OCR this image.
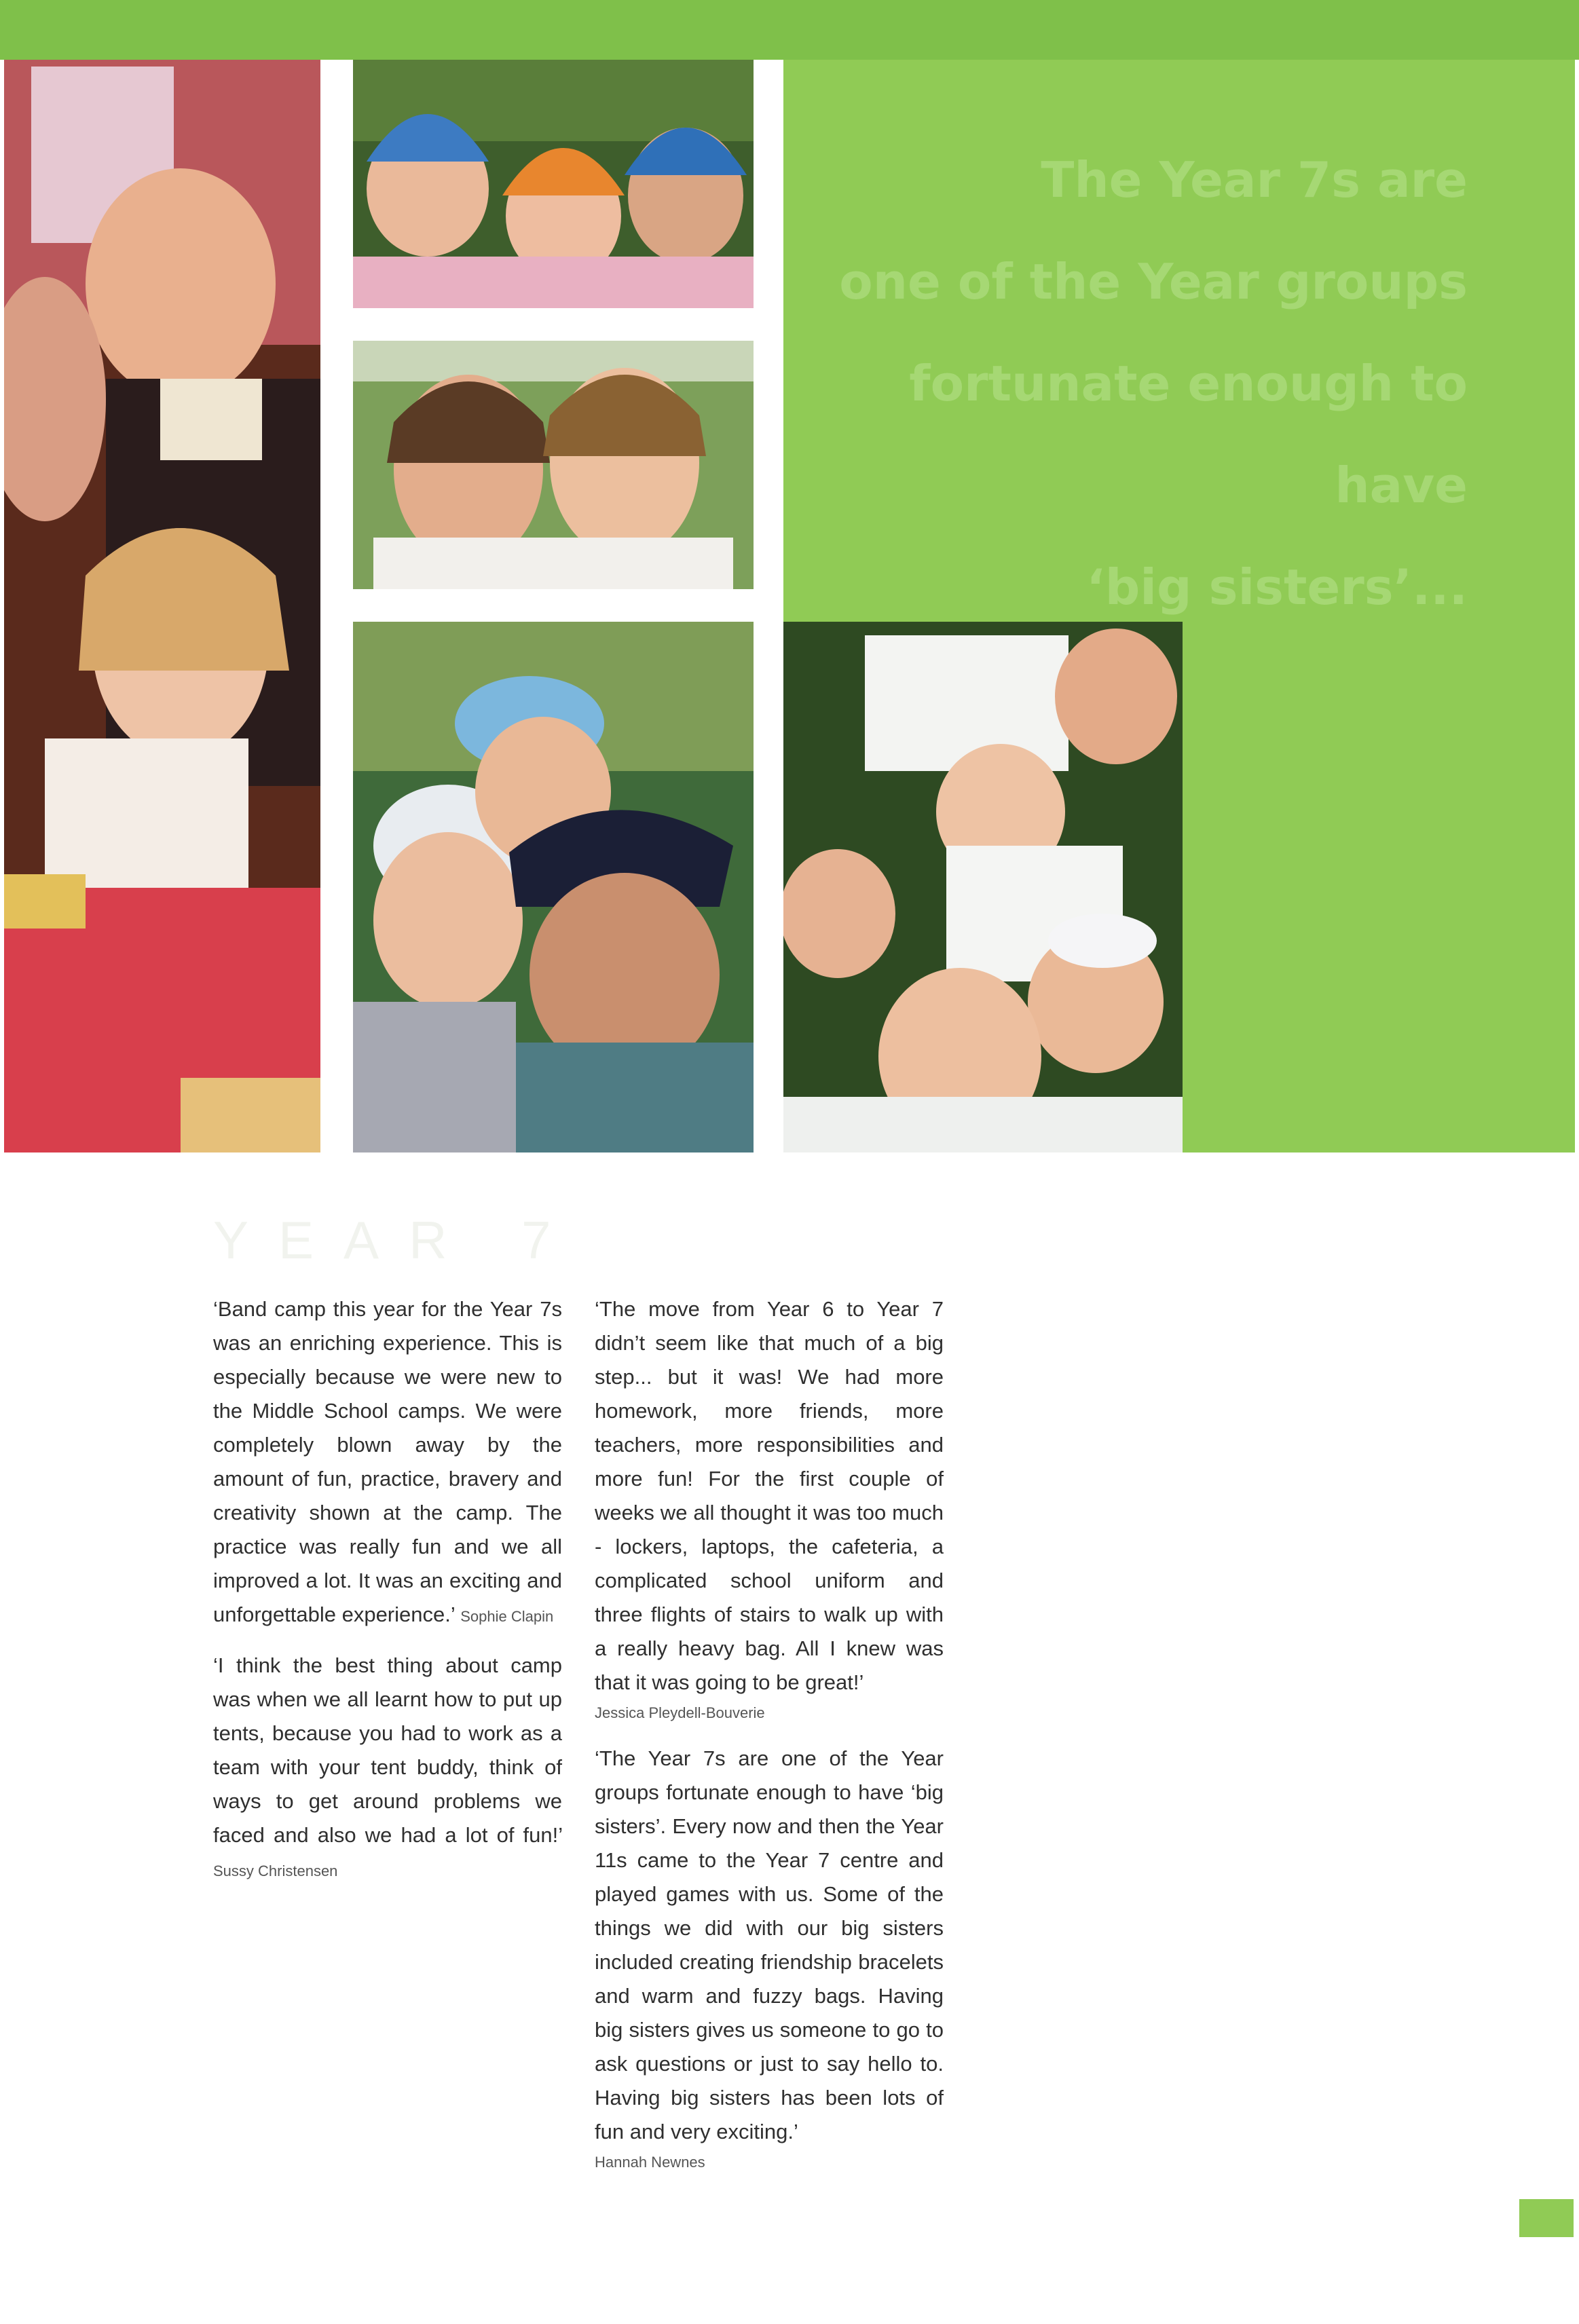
The Year 7s are
one of the Year groups
fortunate enough to have
‘big sisters’...
YEAR 7

‘Band camp this year for the Year 7s was an enriching experience. This is especially because we were new to the Middle School camps. We were completely blown away by the amount of fun, practice, bravery and creativity shown at the camp. The practice was really fun and we all improved a lot. It was an exciting and unforgettable experience.’ Sophie Clapin

‘I think the best thing about camp was when we all learnt how to put up tents, because you had to work as a team with your tent buddy, think of ways to get around problems we faced and also we had a lot of fun!’ Sussy Christensen

‘The move from Year 6 to Year 7 didn’t seem like that much of a big step... but it was! We had more homework, more friends, more teachers, more responsibilities and more fun! For the first couple of weeks we all thought it was too much - lockers, laptops, the cafeteria, a complicated school uniform and three flights of stairs to walk up with a really heavy bag. All I knew was that it was going to be great!’
Jessica Pleydell-Bouverie

‘The Year 7s are one of the Year groups fortunate enough to have ‘big sisters’. Every now and then the Year 11s came to the Year 7 centre and played games with us. Some of the things we did with our big sisters included creating friendship bracelets and warm and fuzzy bags. Having big sisters gives us someone to go to ask questions or just to say hello to. Having big sisters has been lots of fun and very exciting.’
Hannah Newnes
